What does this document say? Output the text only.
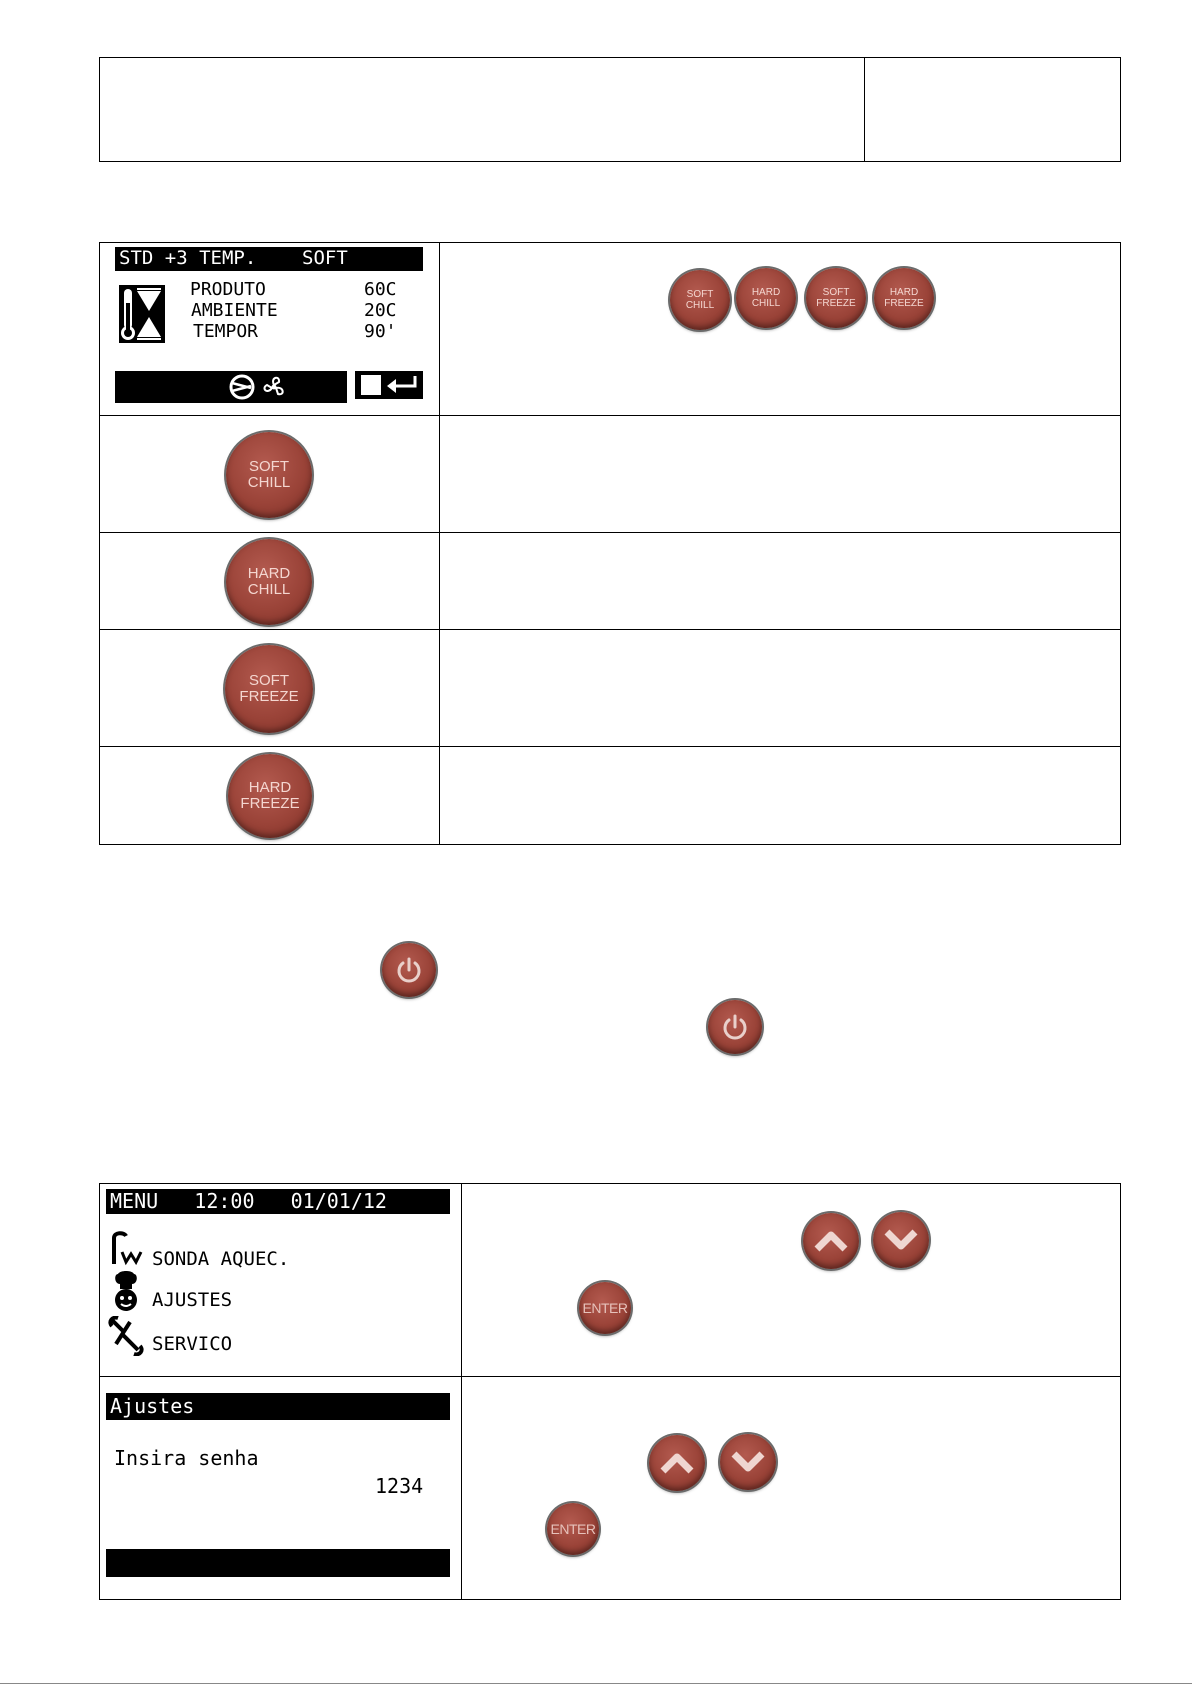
STD +3 TEMP.    SOFT
PRODUTO	60C
AMBIENTE	20C
TEMPOR	90'
SOFT
CHILL
HARD
CHILL
SOFT
FREEZE
HARD
FREEZE
SOFT
CHILL
HARD
CHILL
SOFT
FREEZE
HARD
FREEZE
MENU   12:00   01/01/12
SONDA AQUEC.
AJUSTES
SERVICO
Ajustes
Insira senha
1234
ENTER
ENTER
